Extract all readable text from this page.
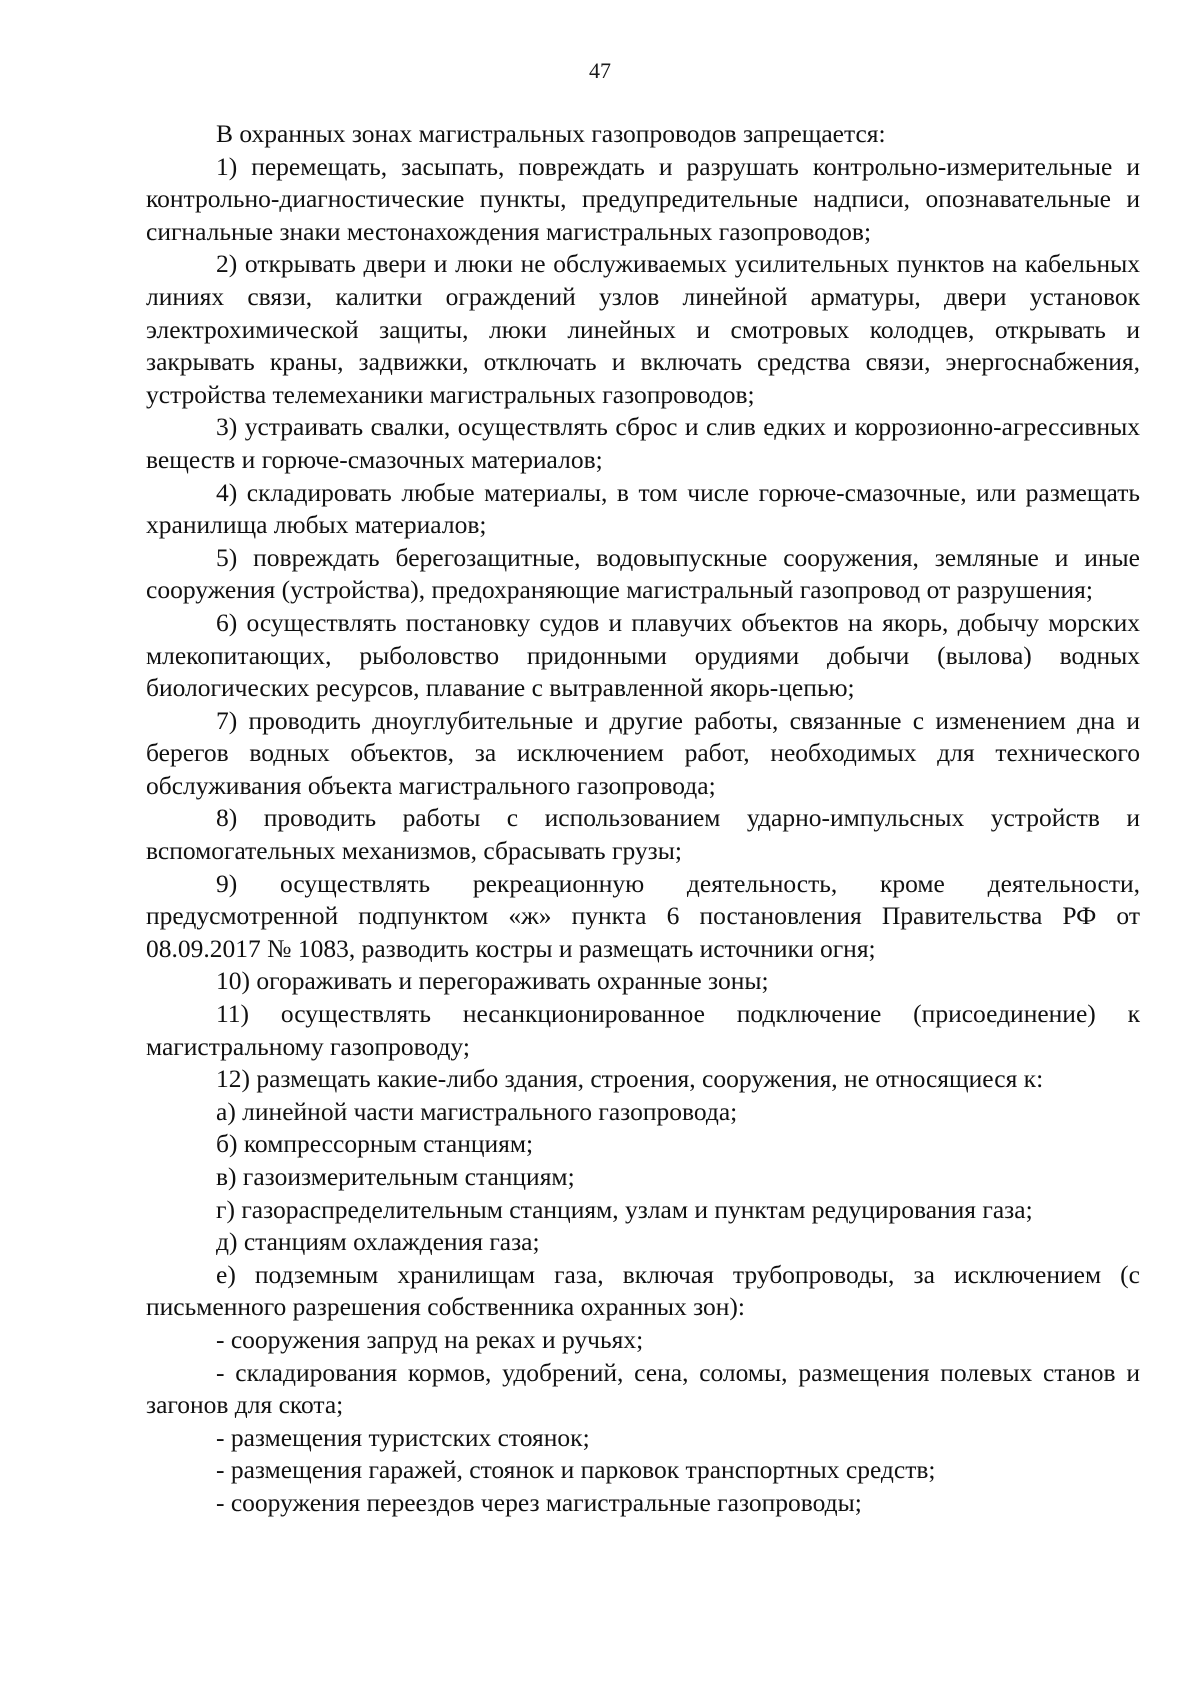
47

В охранных зонах магистральных газопроводов запрещается:

1) перемещать, засыпать, повреждать и разрушать контрольно-измерительные и контрольно-диагностические пункты, предупредительные надписи, опознавательные и сигнальные знаки местонахождения магистральных газопроводов;

2) открывать двери и люки не обслуживаемых усилительных пунктов на кабельных линиях связи, калитки ограждений узлов линейной арматуры, двери установок электрохимической защиты, люки линейных и смотровых колодцев, открывать и закрывать краны, задвижки, отключать и включать средства связи, энергоснабжения, устройства телемеханики магистральных газопроводов;

3) устраивать свалки, осуществлять сброс и слив едких и коррозионно-агрессивных веществ и горюче-смазочных материалов;

4) складировать любые материалы, в том числе горюче-смазочные, или размещать хранилища любых материалов;

5) повреждать берегозащитные, водовыпускные сооружения, земляные и иные сооружения (устройства), предохраняющие магистральный газопровод от разрушения;

6) осуществлять постановку судов и плавучих объектов на якорь, добычу морских млекопитающих, рыболовство придонными орудиями добычи (вылова) водных биологических ресурсов, плавание с вытравленной якорь-цепью;

7) проводить дноуглубительные и другие работы, связанные с изменением дна и берегов водных объектов, за исключением работ, необходимых для технического обслуживания объекта магистрального газопровода;

8) проводить работы с использованием ударно-импульсных устройств и вспомогательных механизмов, сбрасывать грузы;

9) осуществлять рекреационную деятельность, кроме деятельности, предусмотренной подпунктом «ж» пункта 6 постановления Правительства РФ от 08.09.2017 № 1083, разводить костры и размещать источники огня;

10) огораживать и перегораживать охранные зоны;

11) осуществлять несанкционированное подключение (присоединение) к магистральному газопроводу;

12) размещать какие-либо здания, строения, сооружения, не относящиеся к:

а) линейной части магистрального газопровода;

б) компрессорным станциям;

в) газоизмерительным станциям;

г) газораспределительным станциям, узлам и пунктам редуцирования газа;

д) станциям охлаждения газа;

е) подземным хранилищам газа, включая трубопроводы, за исключением (с письменного разрешения собственника охранных зон):

- сооружения запруд на реках и ручьях;

- складирования кормов, удобрений, сена, соломы, размещения полевых станов и загонов для скота;

- размещения туристских стоянок;

- размещения гаражей, стоянок и парковок транспортных средств;

- сооружения переездов через магистральные газопроводы;
